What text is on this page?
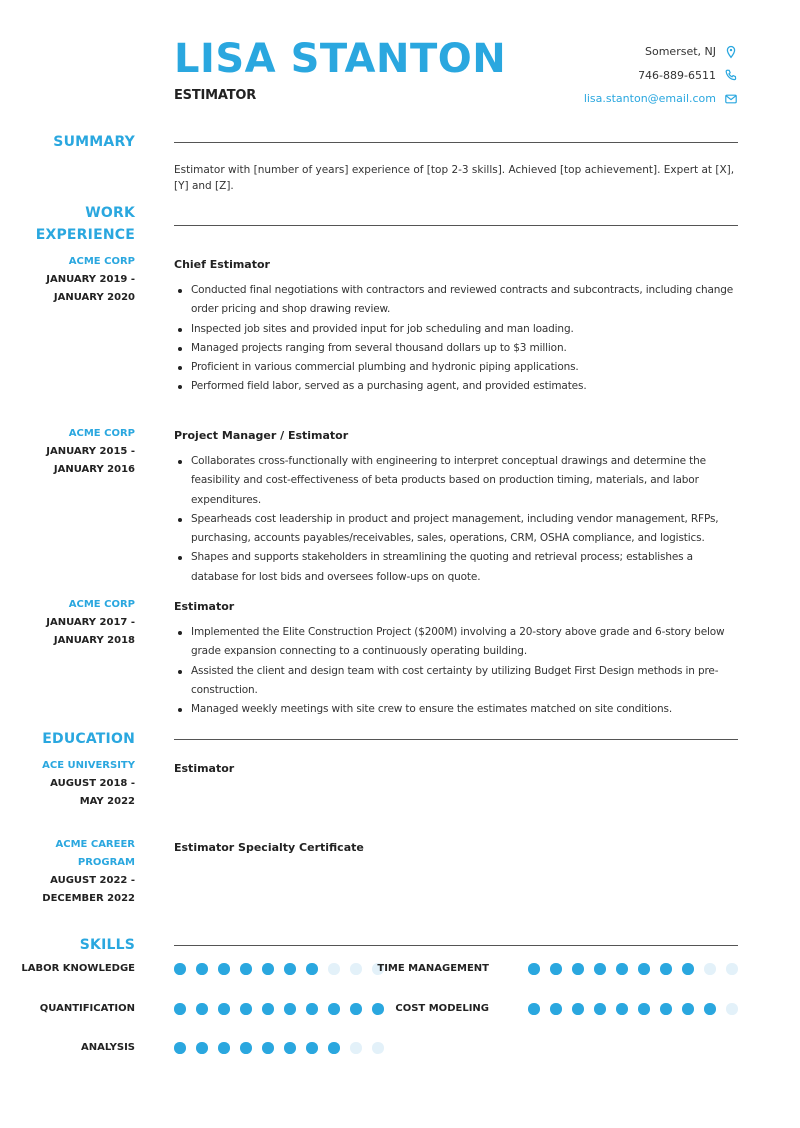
LISA STANTON
ESTIMATOR
Somerset, NJ
746-889-6511
lisa.stanton@email.com
SUMMARY
Estimator with [number of years] experience of [top 2-3 skills]. Achieved [top achievement]. Expert at [X], [Y] and [Z].
WORK
EXPERIENCE
ACME CORP
JANUARY 2019 -
JANUARY 2020
Chief Estimator
Conducted final negotiations with contractors and reviewed contracts and subcontracts, including change order pricing and shop drawing review.
Inspected job sites and provided input for job scheduling and man loading.
Managed projects ranging from several thousand dollars up to $3 million.
Proficient in various commercial plumbing and hydronic piping applications.
Performed field labor, served as a purchasing agent, and provided estimates.
ACME CORP
JANUARY 2015 -
JANUARY 2016
Project Manager / Estimator
Collaborates cross-functionally with engineering to interpret conceptual drawings and determine the feasibility and cost-effectiveness of beta products based on production timing, materials, and labor expenditures.
Spearheads cost leadership in product and project management, including vendor management, RFPs, purchasing, accounts payables/receivables, sales, operations, CRM, OSHA compliance, and logistics.
Shapes and supports stakeholders in streamlining the quoting and retrieval process; establishes a database for lost bids and oversees follow-ups on quote.
ACME CORP
JANUARY 2017 -
JANUARY 2018
Estimator
Implemented the Elite Construction Project ($200M) involving a 20-story above grade and 6-story below grade expansion connecting to a continuously operating building.
Assisted the client and design team with cost certainty by utilizing Budget First Design methods in pre-construction.
Managed weekly meetings with site crew to ensure the estimates matched on site conditions.
EDUCATION
ACE UNIVERSITY
AUGUST 2018 -
MAY 2022
Estimator
ACME CAREER
PROGRAM
AUGUST 2022 -
DECEMBER 2022
Estimator Specialty Certificate
SKILLS
LABOR KNOWLEDGE	TIME MANAGEMENT
QUANTIFICATION	COST MODELING
ANALYSIS
